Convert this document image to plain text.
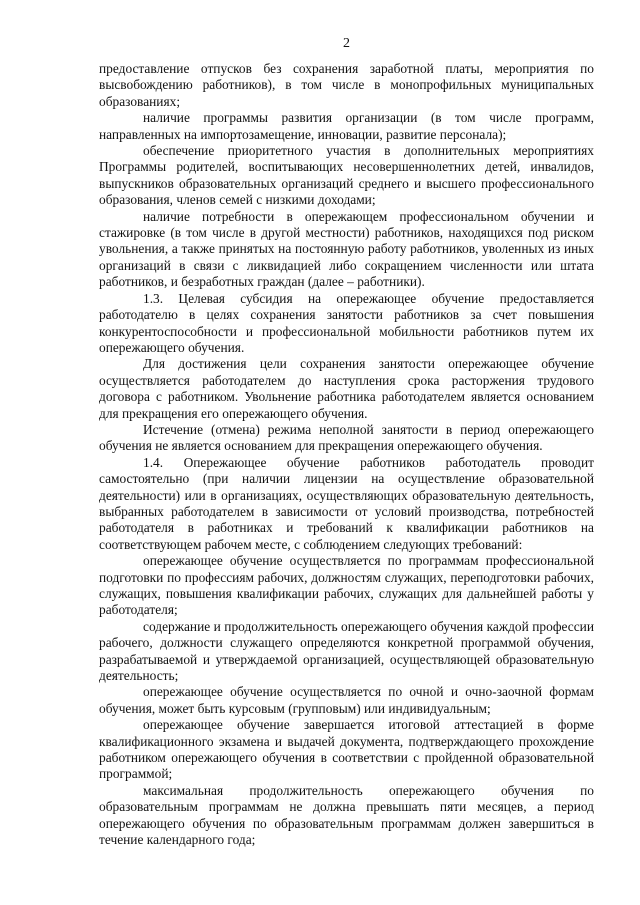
2

предоставление отпусков без сохранения заработной платы, мероприятия по высвобождению работников), в том числе в монопрофильных муниципальных образованиях;

наличие программы развития организации (в том числе программ, направленных на импортозамещение, инновации, развитие персонала);

обеспечение приоритетного участия в дополнительных мероприятиях Программы родителей, воспитывающих несовершеннолетних детей, инвалидов, выпускников образовательных организаций среднего и высшего профессионального образования, членов семей с низкими доходами;

наличие потребности в опережающем профессиональном обучении и стажировке (в том числе в другой местности) работников, находящихся под риском увольнения, а также принятых на постоянную работу работников, уволенных из иных организаций в связи с ликвидацией либо сокращением численности или штата работников, и безработных граждан (далее – работники).

1.3. Целевая субсидия на опережающее обучение предоставляется работодателю в целях сохранения занятости работников за счет повышения конкурентоспособности и профессиональной мобильности работников путем их опережающего обучения.

Для достижения цели сохранения занятости опережающее обучение осуществляется работодателем до наступления срока расторжения трудового договора с работником. Увольнение работника работодателем является основанием для прекращения его опережающего обучения.

Истечение (отмена) режима неполной занятости в период опережающего обучения не является основанием для прекращения опережающего обучения.

1.4. Опережающее обучение работников работодатель проводит самостоятельно (при наличии лицензии на осуществление образовательной деятельности) или в организациях, осуществляющих образовательную деятельность, выбранных работодателем в зависимости от условий производства, потребностей работодателя в работниках и требований к квалификации работников на соответствующем рабочем месте, с соблюдением следующих требований:

опережающее обучение осуществляется по программам профессиональной подготовки по профессиям рабочих, должностям служащих, переподготовки рабочих, служащих, повышения квалификации рабочих, служащих для дальнейшей работы у работодателя;

содержание и продолжительность опережающего обучения каждой профессии рабочего, должности служащего определяются конкретной программой обучения, разрабатываемой и утверждаемой организацией, осуществляющей образовательную деятельность;

опережающее обучение осуществляется по очной и очно-заочной формам обучения, может быть курсовым (групповым) или индивидуальным;

опережающее обучение завершается итоговой аттестацией в форме квалификационного экзамена и выдачей документа, подтверждающего прохождение работником опережающего обучения в соответствии с пройденной образовательной программой;

максимальная продолжительность опережающего обучения по образовательным программам не должна превышать пяти месяцев, а период опережающего обучения по образовательным программам должен завершиться в течение календарного года;
